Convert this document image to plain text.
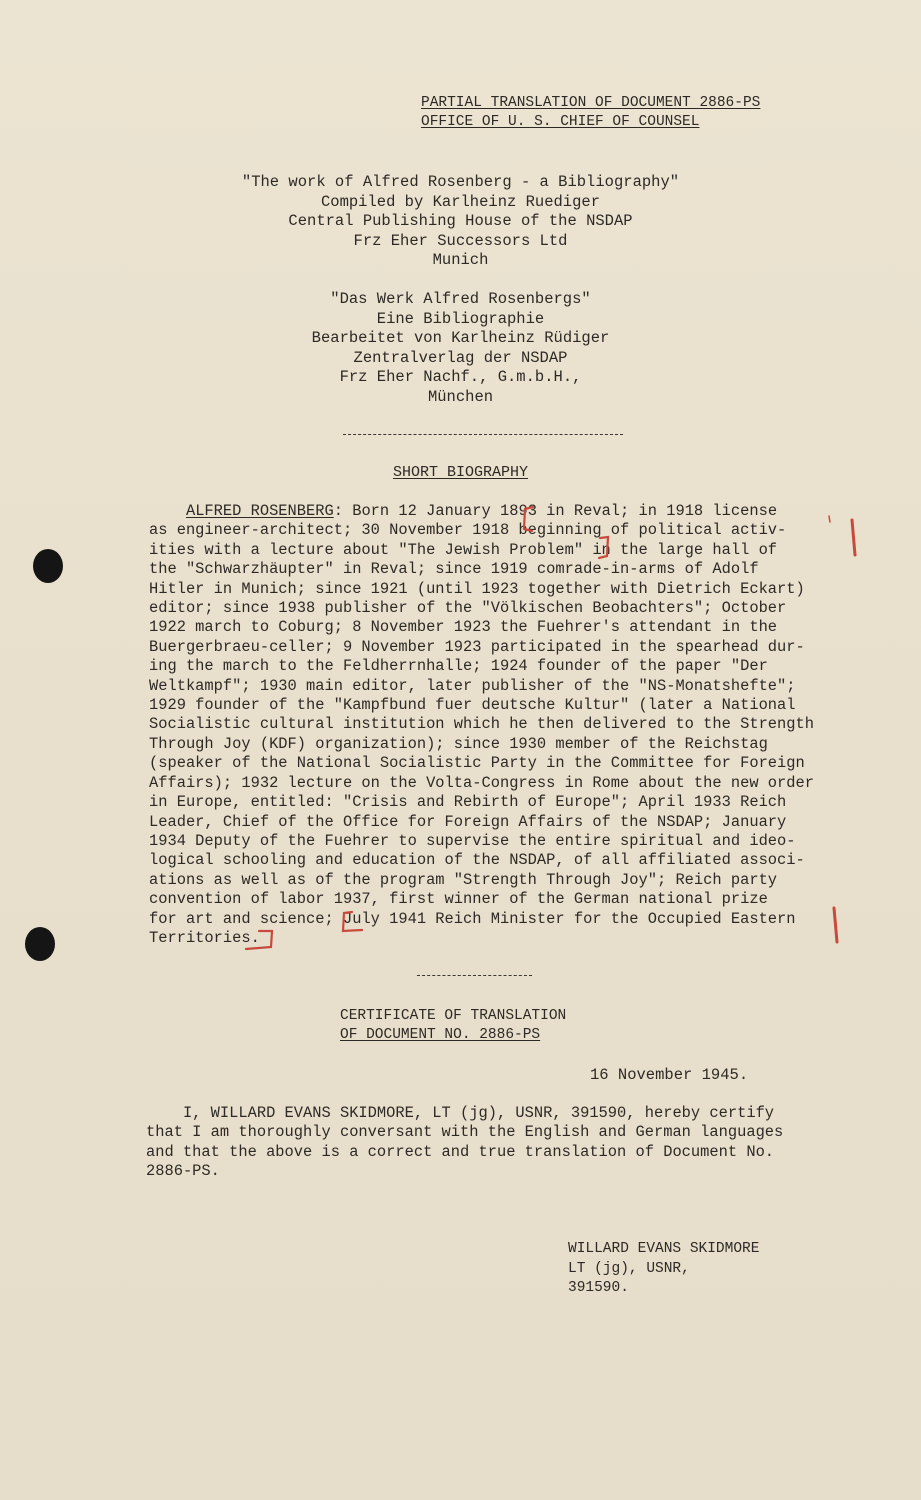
PARTIAL TRANSLATION OF DOCUMENT 2886-PS
OFFICE OF U. S. CHIEF OF COUNSEL
"The work of Alfred Rosenberg - a Bibliography"
Compiled by Karlheinz Ruediger
Central Publishing House of the NSDAP
Frz Eher Successors Ltd
Munich
"Das Werk Alfred Rosenbergs"
Eine Bibliographie
Bearbeitet von Karlheinz Rüdiger
Zentralverlag der NSDAP
Frz Eher Nachf., G.m.b.H.,
München
SHORT BIOGRAPHY
ALFRED ROSENBERG: Born 12 January 1893 in Reval; in 1918 license
as engineer-architect; 30 November 1918 beginning of political activ-
ities with a lecture about "The Jewish Problem" in the large hall of
the "Schwarzhäupter" in Reval; since 1919 comrade-in-arms of Adolf
Hitler in Munich; since 1921 (until 1923 together with Dietrich Eckart)
editor; since 1938 publisher of the "Völkischen Beobachters"; October
1922 march to Coburg; 8 November 1923 the Fuehrer's attendant in the
Buergerbraeu-celler; 9 November 1923 participated in the spearhead dur-
ing the march to the Feldherrnhalle; 1924 founder of the paper "Der
Weltkampf"; 1930 main editor, later publisher of the "NS-Monatshefte";
1929 founder of the "Kampfbund fuer deutsche Kultur" (later a National
Socialistic cultural institution which he then delivered to the Strength
Through Joy (KDF) organization); since 1930 member of the Reichstag
(speaker of the National Socialistic Party in the Committee for Foreign
Affairs); 1932 lecture on the Volta-Congress in Rome about the new order
in Europe, entitled: "Crisis and Rebirth of Europe"; April 1933 Reich
Leader, Chief of the Office for Foreign Affairs of the NSDAP; January
1934 Deputy of the Fuehrer to supervise the entire spiritual and ideo-
logical schooling and education of the NSDAP, of all affiliated associ-
ations as well as of the program "Strength Through Joy"; Reich party
convention of labor 1937, first winner of the German national prize
for art and science; July 1941 Reich Minister for the Occupied Eastern
Territories.
CERTIFICATE OF TRANSLATION
OF DOCUMENT NO. 2886-PS
16 November 1945.
I, WILLARD EVANS SKIDMORE, LT (jg), USNR, 391590, hereby certify
that I am thoroughly conversant with the English and German languages
and that the above is a correct and true translation of Document No.
2886-PS.
WILLARD EVANS SKIDMORE
LT (jg), USNR,
391590.
